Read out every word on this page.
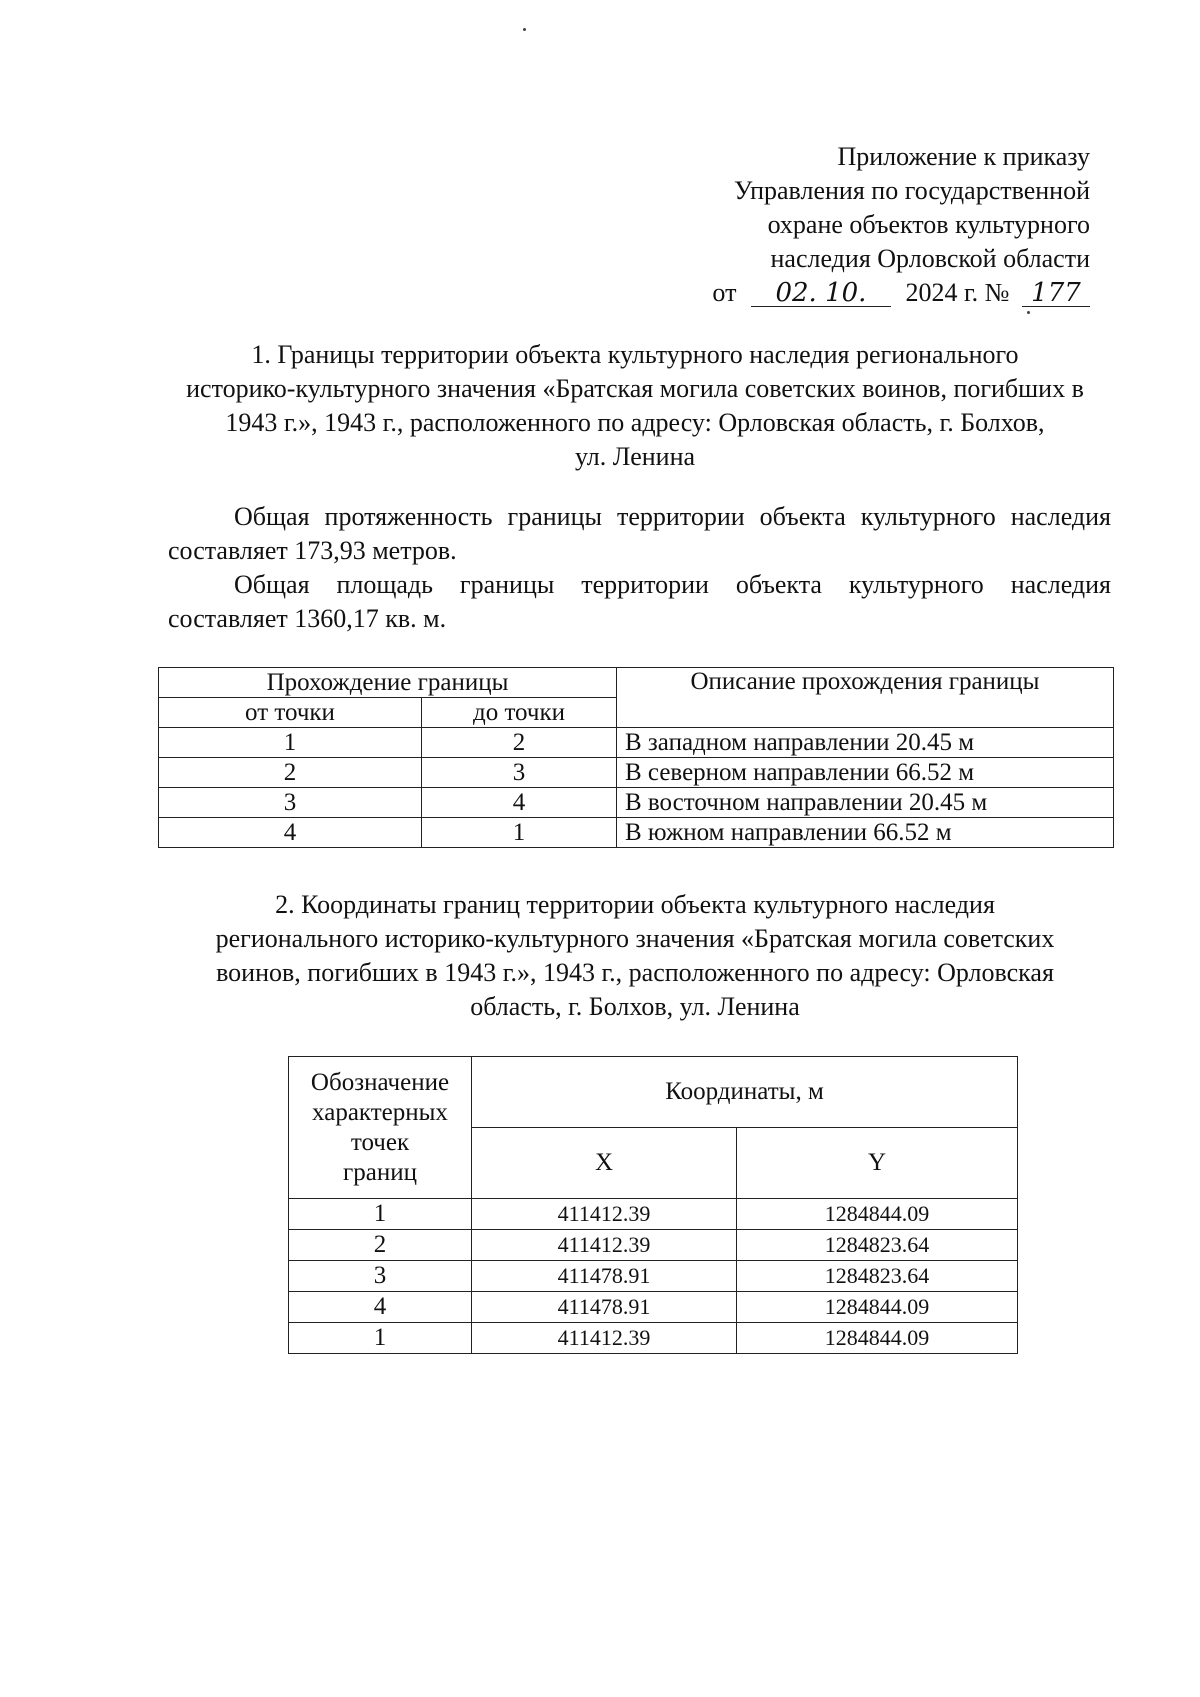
Приложение к приказу
Управления по государственной
охране объектов культурного
наследия Орловской области
от 02. 10. 2024 г. № 177
1. Границы территории объекта культурного наследия регионального
историко-культурного значения «Братская могила советских воинов, погибших в
1943 г.», 1943 г., расположенного по адресу: Орловская область, г. Болхов,
ул. Ленина
Общая протяженность границы территории объекта культурного наследия составляет 173,93 метров.
Общая площадь границы территории объекта культурного наследия составляет 1360,17 кв. м.
Прохождение границы		Описание прохождения границы
от точки	до точки	
1	2	В западном направлении 20.45 м
2	3	В северном направлении 66.52 м
3	4	В восточном направлении 20.45 м
4	1	В южном направлении 66.52 м
2. Координаты границ территории объекта культурного наследия
регионального историко-культурного значения «Братская могила советских
воинов, погибших в 1943 г.», 1943 г., расположенного по адресу: Орловская
область, г. Болхов, ул. Ленина
Обозначение
характерных
точек
границ	Координаты, м	
	X	Y
1	411412.39	1284844.09
2	411412.39	1284823.64
3	411478.91	1284823.64
4	411478.91	1284844.09
1	411412.39	1284844.09
